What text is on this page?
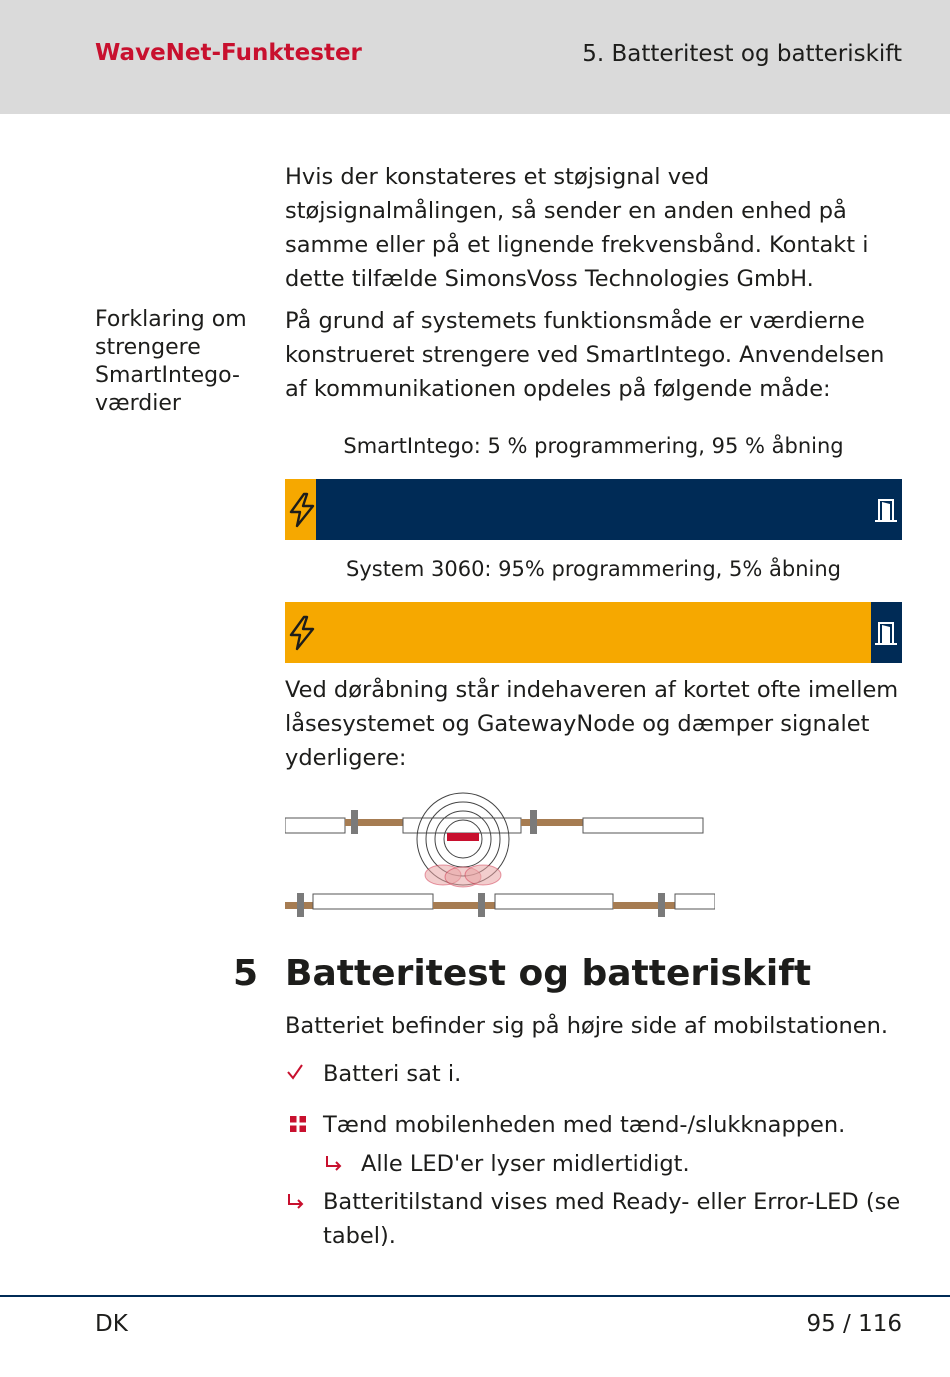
WaveNet-Funktester	5. Batteritest og batteriskift

Hvis der konstateres et støjsignal ved støjsignalmålingen, så sender en anden enhed på samme eller på et lignende frekvensbånd. Kontakt i dette tilfælde SimonsVoss Technologies GmbH.

Forklaring om strengere SmartIntego-værdier

På grund af systemets funktionsmåde er værdierne konstrueret strengere ved SmartIntego. Anvendelsen af kommunikationen opdeles på følgende måde:

SmartIntego: 5 % programmering, 95 % åbning
System 3060: 95% programmering, 5% åbning

Ved døråbning står indehaveren af kortet ofte imellem låsesystemet og GatewayNode og dæmper signalet yderligere:

5 Batteritest og batteriskift

Batteriet befinder sig på højre side af mobilstationen.

Batteri sat i.

Tænd mobilenheden med tænd-/slukknappen.

Alle LED'er lyser midlertidigt.

Batteritilstand vises med Ready- eller Error-LED (se tabel).

DK	95 / 116
